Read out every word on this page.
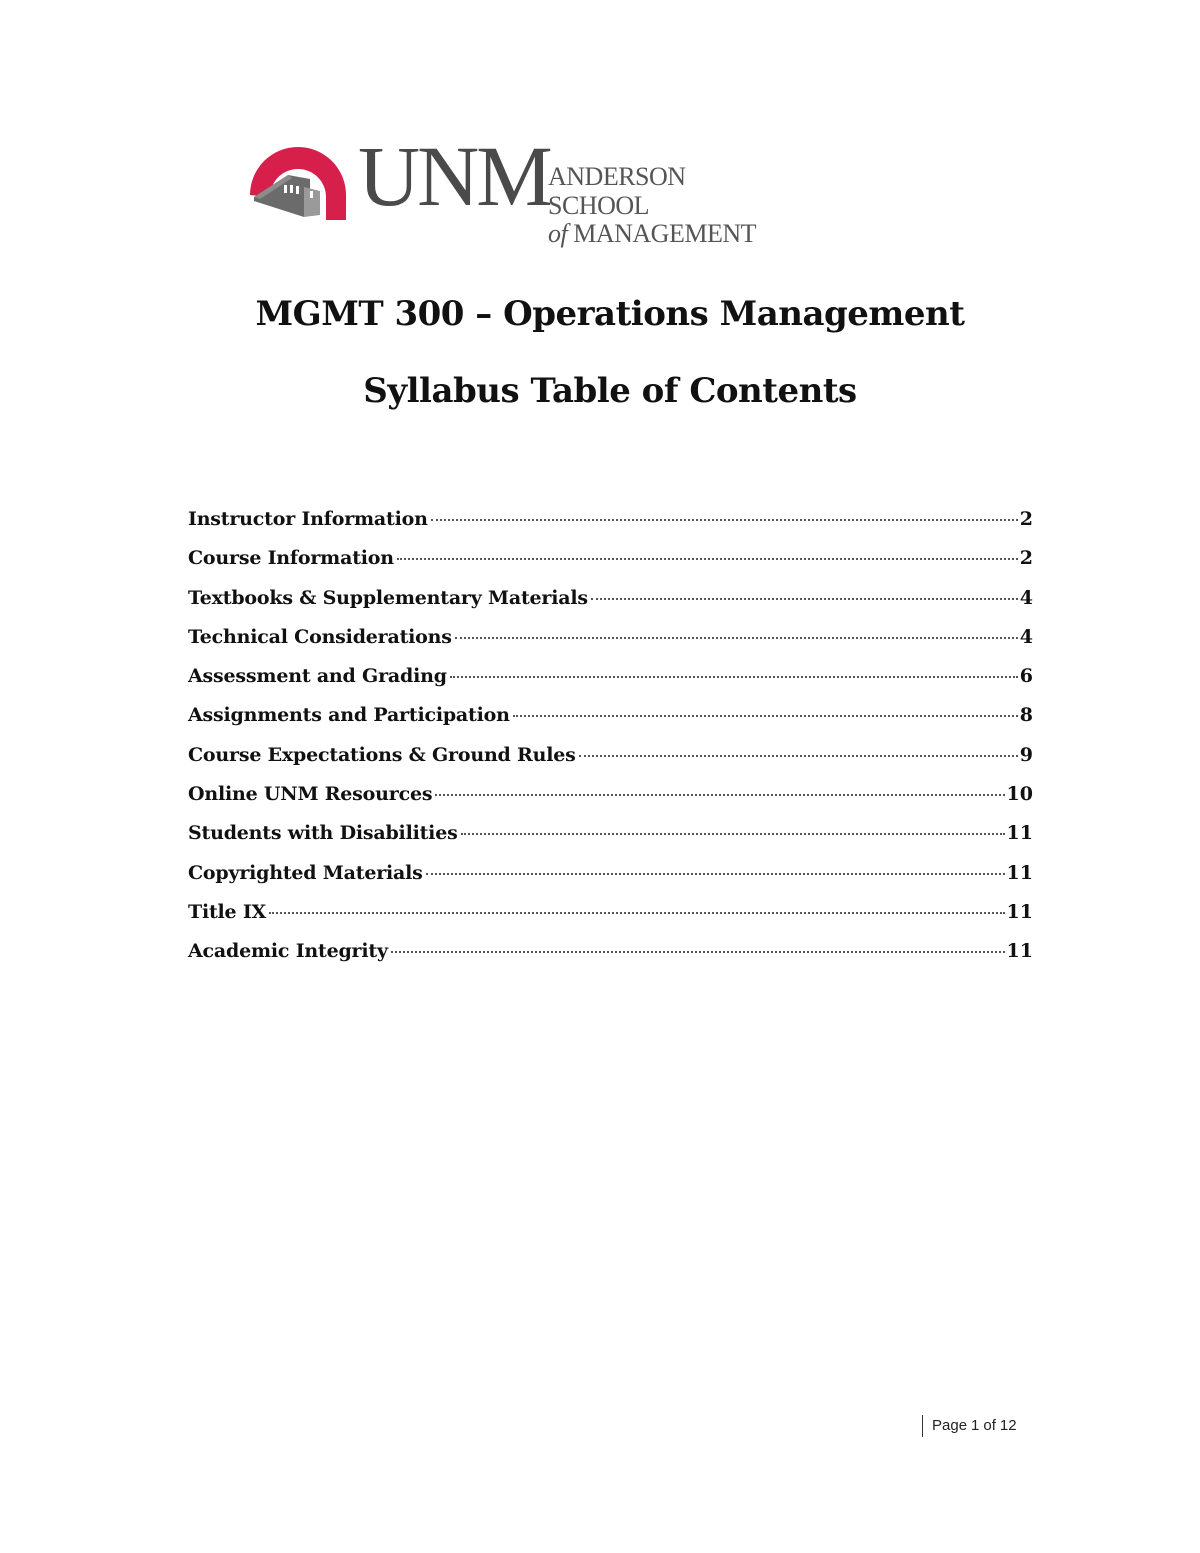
UNM
ANDERSON SCHOOL
of MANAGEMENT
MGMT 300 – Operations Management
Syllabus Table of Contents
Instructor Information	2
Course Information	2
Textbooks & Supplementary Materials	4
Technical Considerations	4
Assessment and Grading	6
Assignments and Participation	8
Course Expectations & Ground Rules	9
Online UNM Resources	10
Students with Disabilities	11
Copyrighted Materials	11
Title IX	11
Academic Integrity	11
Page 1 of 12
